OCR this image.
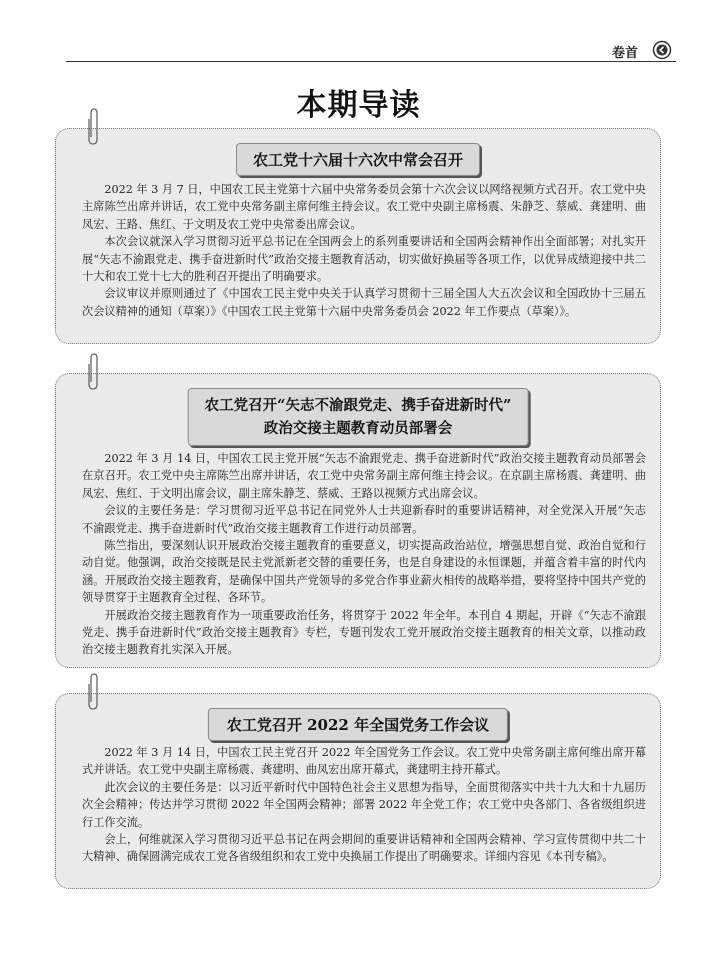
卷首
本期导读
农工党十六届十六次中常会召开

2022 年 3 月 7 日，中国农工民主党第十六届中央常务委员会第十六次会议以网络视频方式召开。农工党中央主席陈竺出席并讲话，农工党中央常务副主席何维主持会议。农工党中央副主席杨震、朱静芝、蔡威、龚建明、曲凤宏、王路、焦红、于文明及农工党中央常委出席会议。

本次会议就深入学习贯彻习近平总书记在全国两会上的系列重要讲话和全国两会精神作出全面部署；对扎实开展“矢志不渝跟党走、携手奋进新时代”政治交接主题教育活动，切实做好换届等各项工作，以优异成绩迎接中共二十大和农工党十七大的胜利召开提出了明确要求。

会议审议并原则通过了《中国农工民主党中央关于认真学习贯彻十三届全国人大五次会议和全国政协十三届五次会议精神的通知（草案）》《中国农工民主党第十六届中央常务委员会 2022 年工作要点（草案）》。

农工党召开“矢志不渝跟党走、携手奋进新时代”
政治交接主题教育动员部署会

2022 年 3 月 14 日，中国农工民主党开展“矢志不渝跟党走、携手奋进新时代”政治交接主题教育动员部署会在京召开。农工党中央主席陈竺出席并讲话，农工党中央常务副主席何维主持会议。在京副主席杨震、龚建明、曲凤宏、焦红、于文明出席会议，副主席朱静芝、蔡威、王路以视频方式出席会议。

会议的主要任务是：学习贯彻习近平总书记在同党外人士共迎新春时的重要讲话精神，对全党深入开展“矢志不渝跟党走、携手奋进新时代”政治交接主题教育工作进行动员部署。

陈竺指出，要深刻认识开展政治交接主题教育的重要意义，切实提高政治站位，增强思想自觉、政治自觉和行动自觉。他强调，政治交接既是民主党派新老交替的重要任务，也是自身建设的永恒课题，并蕴含着丰富的时代内涵。开展政治交接主题教育，是确保中国共产党领导的多党合作事业薪火相传的战略举措，要将坚持中国共产党的领导贯穿于主题教育全过程、各环节。

开展政治交接主题教育作为一项重要政治任务，将贯穿于 2022 年全年。本刊自 4 期起，开辟《“矢志不渝跟党走、携手奋进新时代”政治交接主题教育》专栏，专题刊发农工党开展政治交接主题教育的相关文章，以推动政治交接主题教育扎实深入开展。

农工党召开 2022 年全国党务工作会议

2022 年 3 月 14 日，中国农工民主党召开 2022 年全国党务工作会议。农工党中央常务副主席何维出席开幕式并讲话。农工党中央副主席杨震、龚建明、曲凤宏出席开幕式，龚建明主持开幕式。

此次会议的主要任务是：以习近平新时代中国特色社会主义思想为指导，全面贯彻落实中共十九大和十九届历次全会精神；传达并学习贯彻 2022 年全国两会精神；部署 2022 年全党工作；农工党中央各部门、各省级组织进行工作交流。

会上，何维就深入学习贯彻习近平总书记在两会期间的重要讲话精神和全国两会精神、学习宣传贯彻中共二十大精神、确保圆满完成农工党各省级组织和农工党中央换届工作提出了明确要求。详细内容见《本刊专稿》。
